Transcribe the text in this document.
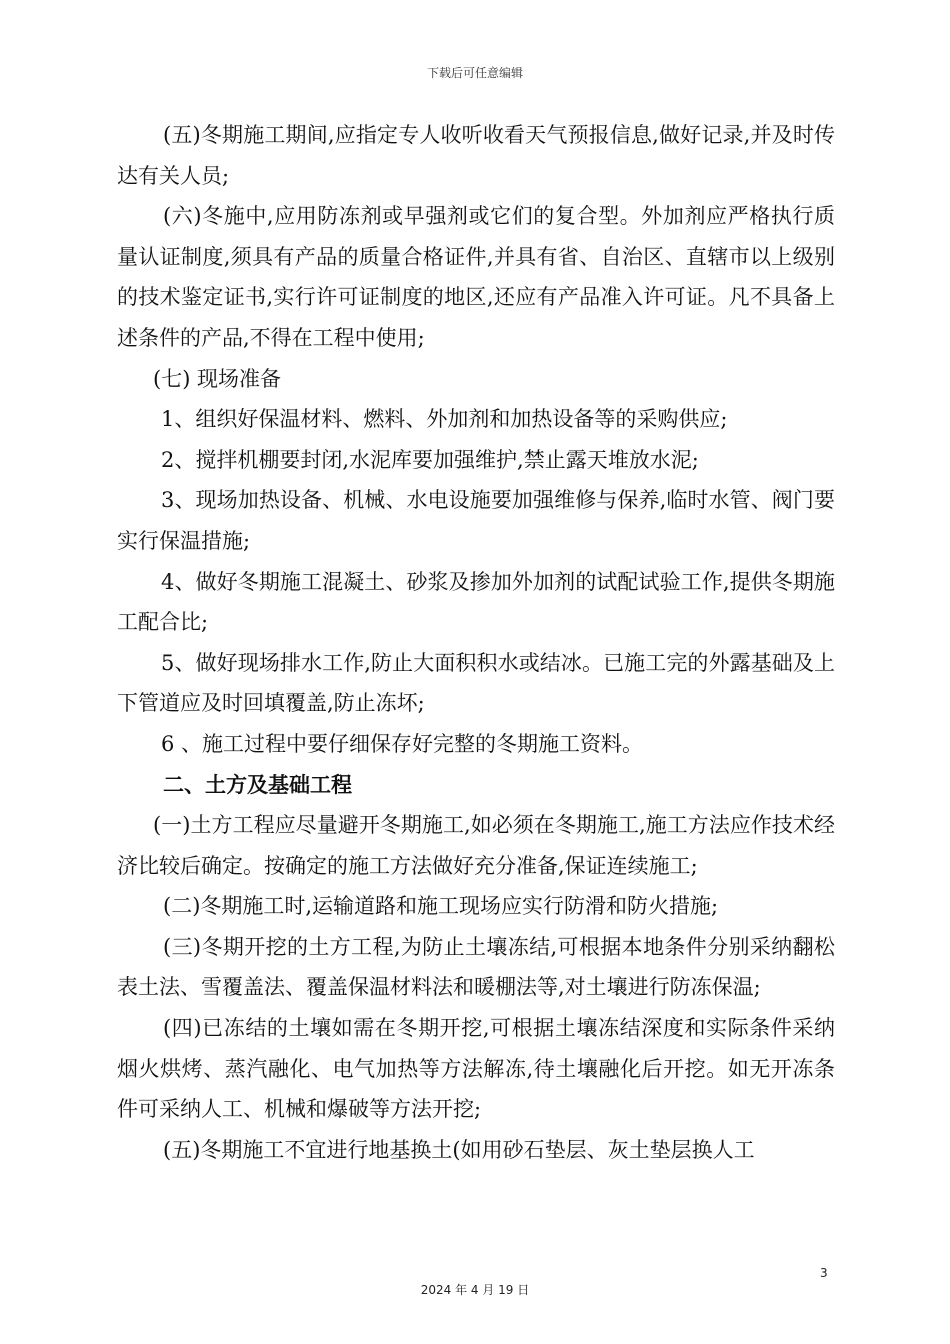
下载后可任意编辑

(五)冬期施工期间,应指定专人收听收看天气预报信息,做好记录,并及时传达有关人员;

(六)冬施中,应用防冻剂或早强剂或它们的复合型。外加剂应严格执行质量认证制度,须具有产品的质量合格证件,并具有省、自治区、直辖市以上级别的技术鉴定证书,实行许可证制度的地区,还应有产品准入许可证。凡不具备上述条件的产品,不得在工程中使用;

(七) 现场准备

1、组织好保温材料、燃料、外加剂和加热设备等的采购供应;

2、搅拌机棚要封闭,水泥库要加强维护,禁止露天堆放水泥;

3、现场加热设备、机械、水电设施要加强维修与保养,临时水管、阀门要实行保温措施;

4、做好冬期施工混凝土、砂浆及掺加外加剂的试配试验工作,提供冬期施工配合比;

5、做好现场排水工作,防止大面积积水或结冰。已施工完的外露基础及上下管道应及时回填覆盖,防止冻坏;

6 、施工过程中要仔细保存好完整的冬期施工资料。

二、土方及基础工程

(一)土方工程应尽量避开冬期施工,如必须在冬期施工,施工方法应作技术经济比较后确定。按确定的施工方法做好充分准备,保证连续施工;

(二)冬期施工时,运输道路和施工现场应实行防滑和防火措施;

(三)冬期开挖的土方工程,为防止土壤冻结,可根据本地条件分别采纳翻松表土法、雪覆盖法、覆盖保温材料法和暖棚法等,对土壤进行防冻保温;

(四)已冻结的土壤如需在冬期开挖,可根据土壤冻结深度和实际条件采纳烟火烘烤、蒸汽融化、电气加热等方法解冻,待土壤融化后开挖。如无开冻条件可采纳人工、机械和爆破等方法开挖;

(五)冬期施工不宜进行地基换土(如用砂石垫层、灰土垫层换人工

3
2024 年 4 月 19 日
